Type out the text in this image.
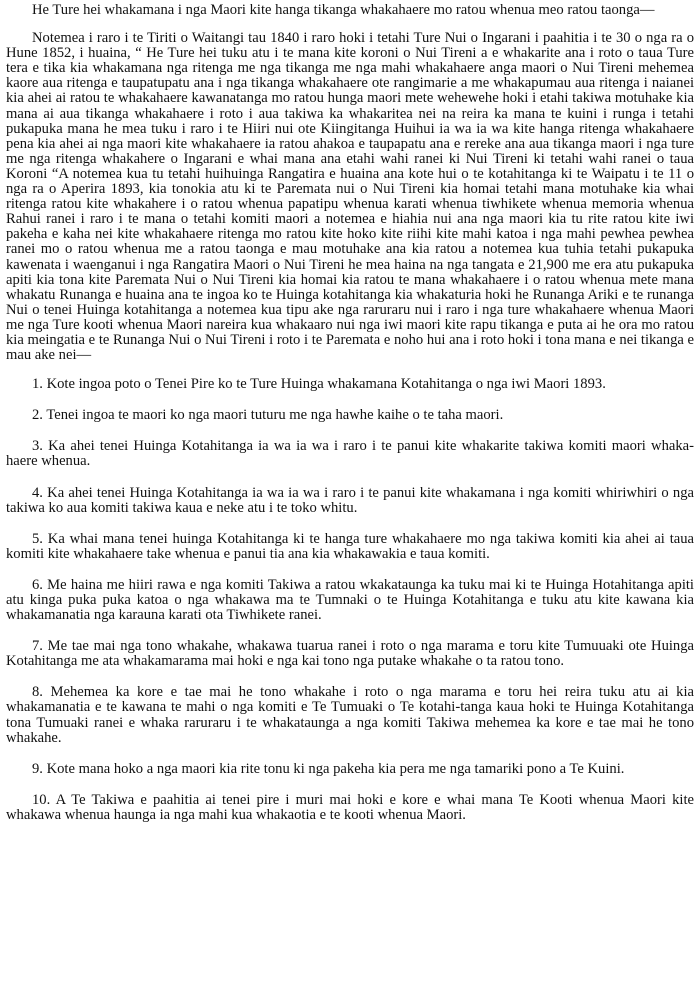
He Ture hei whakamana i nga Maori kite hanga tikanga whakahaere mo ratou whenua meo ratou taonga—

Notemea i raro i te Tiriti o Waitangi tau 1840 i raro hoki i tetahi Ture Nui o Ingarani i paahitia i te 30 o nga ra o Hune 1852, i huaina, “ He Ture hei tuku atu i te mana kite koroni o Nui Tireni a e whakarite ana i roto o taua Ture tera e tika kia whakamana nga ritenga me nga tikanga me nga mahi whakahaere anga maori o Nui Tireni mehemea kaore aua ritenga e taupatupatu ana i nga tikanga whakahaere ote rangimarie a me whakapumau aua ritenga i naianei kia ahei ai ratou te whakahaere kawanatanga mo ratou hunga maori mete wehewehe hoki i etahi takiwa motuhake kia mana ai aua tikanga whakahaere i roto i aua takiwa ka whakaritea nei na reira ka mana te kuini i runga i tetahi pukapuka mana he mea tuku i raro i te Hiiri nui ote Kiingitanga Huihui ia wa ia wa kite hanga ritenga whakahaere pena kia ahei ai nga maori kite whakahaere ia ratou ahakoa e taupapatu ana e rereke ana aua tikanga maori i nga ture me nga ritenga whakahere o Ingarani e whai mana ana etahi wahi ranei ki Nui Tireni ki tetahi wahi ranei o taua Koroni “A notemea kua tu tetahi huihuinga Rangatira e huaina ana kote hui o te kotahitanga ki te Waipatu i te 11 o nga ra o Aperira 1893, kia tonokia atu ki te Paremata nui o Nui Tireni kia homai tetahi mana motuhake kia whai ritenga ratou kite whakahere i o ratou whenua papatipu whenua karati whenua tiwhikete whenua memoria whenua Rahui ranei i raro i te mana o tetahi komiti maori a notemea e hiahia nui ana nga maori kia tu rite ratou kite iwi pakeha e kaha nei kite whakahaere ritenga mo ratou kite hoko kite riihi kite mahi katoa i nga mahi pewhea pewhea ranei mo o ratou whenua me a ratou taonga e mau motuhake ana kia ratou a notemea kua tuhia tetahi pukapuka kawenata i waenganui i nga Rangatira Maori o Nui Tireni he mea haina na nga tangata e 21,900 me era atu pukapuka apiti kia tona kite Paremata Nui o Nui Tireni kia homai kia ratou te mana whakahaere i o ratou whenua mete mana whakatu Runanga e huaina ana te ingoa ko te Huinga kotahitanga kia whakaturia hoki he Runanga Ariki e te runanga Nui o tenei Huinga kotahitanga a notemea kua tipu ake nga raruraru nui i raro i nga ture whakahaere whenua Maori me nga Ture kooti whenua Maori nareira kua whakaaro nui nga iwi maori kite rapu tikanga e puta ai he ora mo ratou kia meingatia e te Runanga Nui o Nui Tireni i roto i te Paremata e noho hui ana i roto hoki i tona mana e nei tikanga e mau ake nei—

1. Kote ingoa poto o Tenei Pire ko te Ture Huinga whakamana Kotahitanga o nga iwi Maori 1893.

2. Tenei ingoa te maori ko nga maori tuturu me nga hawhe kaihe o te taha maori.

3. Ka ahei tenei Huinga Kotahitanga ia wa ia wa i raro i te panui kite whakarite takiwa komiti maori whaka-haere whenua.

4. Ka ahei tenei Huinga Kotahitanga ia wa ia wa i raro i te panui kite whakamana i nga komiti whiriwhiri o nga takiwa ko aua komiti takiwa kaua e neke atu i te toko whitu.

5. Ka whai mana tenei huinga Kotahitanga ki te hanga ture whakahaere mo nga takiwa komiti kia ahei ai taua komiti kite whakahaere take whenua e panui tia ana kia whakawakia e taua komiti.

6. Me haina me hiiri rawa e nga komiti Takiwa a ratou wkakataunga ka tuku mai ki te Huinga Hotahitanga apiti atu kinga puka puka katoa o nga whakawa ma te Tumnaki o te Huinga Kotahitanga e tuku atu kite kawana kia whakamanatia nga karauna karati ota Tiwhikete ranei.

7. Me tae mai nga tono whakahe, whakawa tuarua ranei i roto o nga marama e toru kite Tumuuaki ote Huinga Kotahitanga me ata whakamarama mai hoki e nga kai tono nga putake whakahe o ta ratou tono.

8. Mehemea ka kore e tae mai he tono whakahe i roto o nga marama e toru hei reira tuku atu ai kia whakamanatia e te kawana te mahi o nga komiti e Te Tumuaki o Te kotahi-tanga kaua hoki te Huinga Kotahitanga tona Tumuaki ranei e whaka raruraru i te whakataunga a nga komiti Takiwa mehemea ka kore e tae mai he tono whakahe.

9. Kote mana hoko a nga maori kia rite tonu ki nga pakeha kia pera me nga tamariki pono a Te Kuini.

10. A Te Takiwa e paahitia ai tenei pire i muri mai hoki e kore e whai mana Te Kooti whenua Maori kite whakawa whenua haunga ia nga mahi kua whakaotia e te kooti whenua Maori.
